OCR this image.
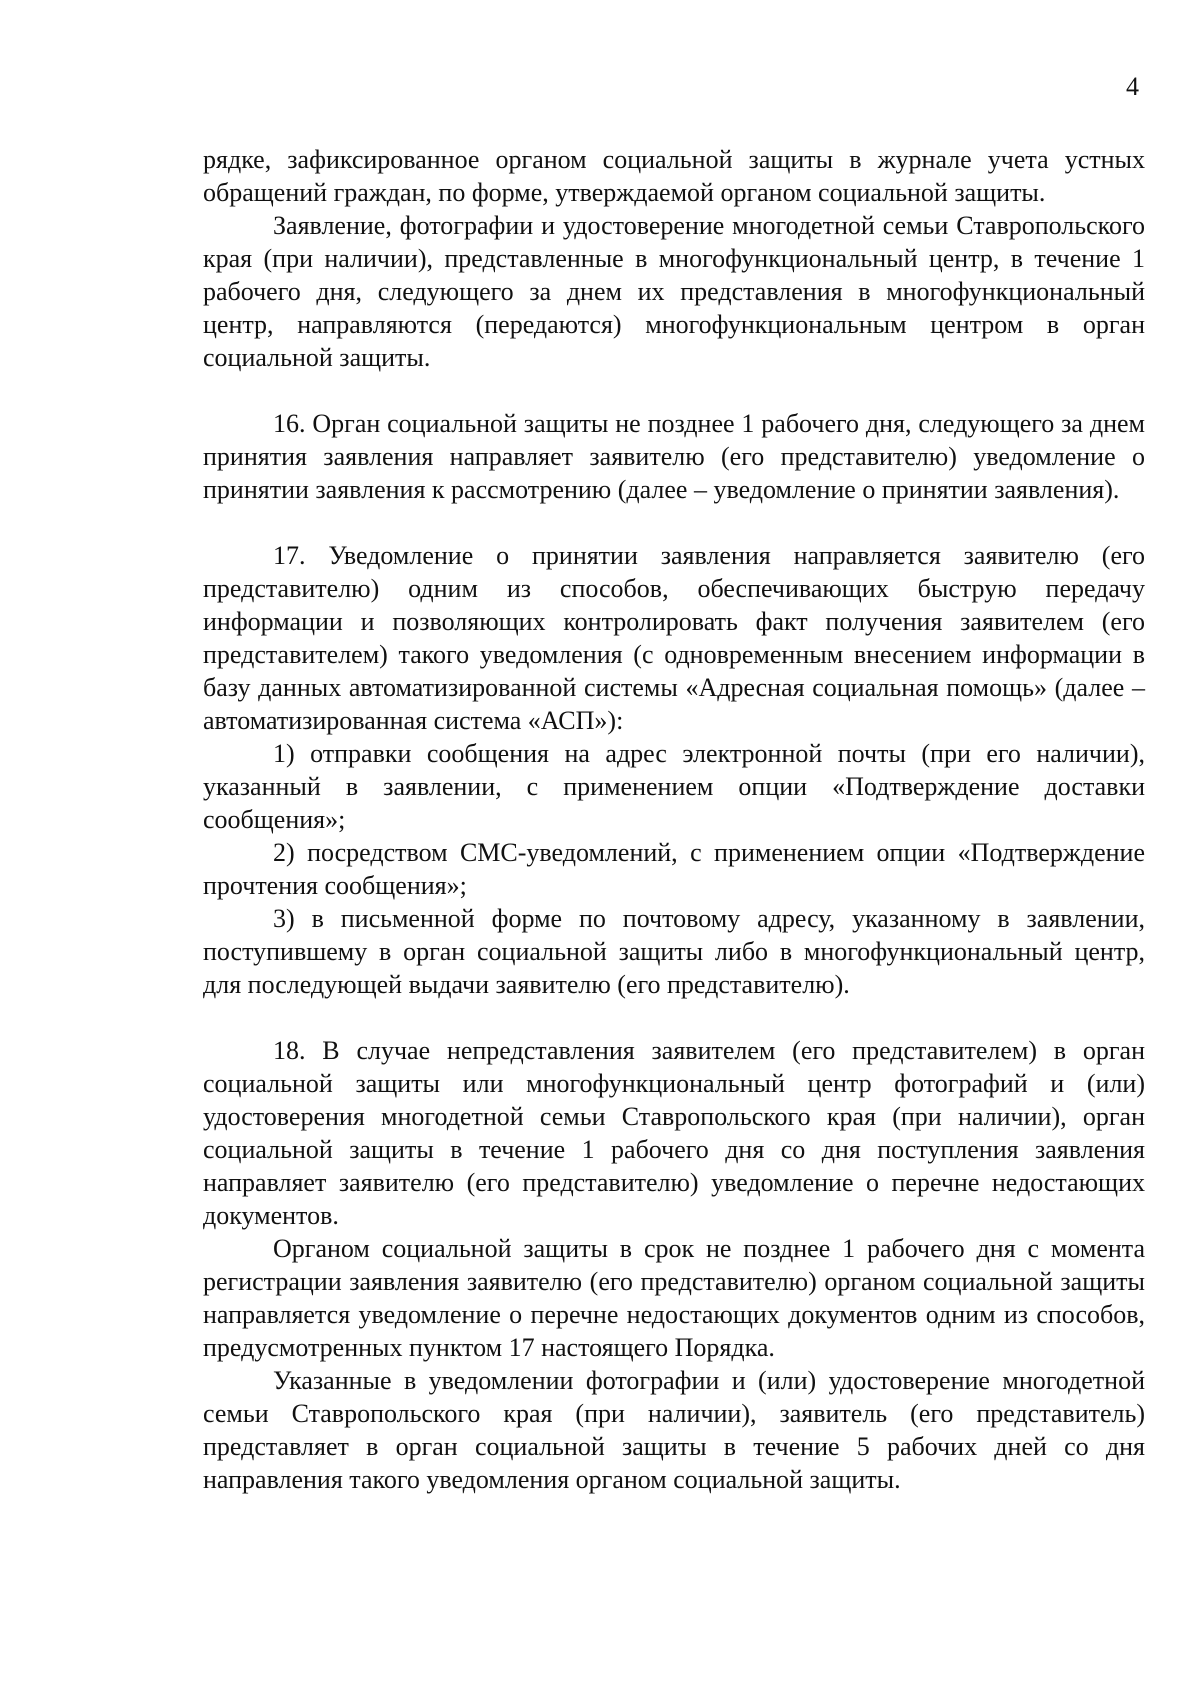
4

рядке, зафиксированное органом социальной защиты в журнале учета устных обращений граждан, по форме, утверждаемой органом социальной защиты.

Заявление, фотографии и удостоверение многодетной семьи Ставропольского края (при наличии), представленные в многофункциональный центр, в течение 1 рабочего дня, следующего за днем их представления в многофункциональный центр, направляются (передаются) многофункциональным центром в орган социальной защиты.

16. Орган социальной защиты не позднее 1 рабочего дня, следующего за днем принятия заявления направляет заявителю (его представителю) уведомление о принятии заявления к рассмотрению (далее – уведомление о принятии заявления).

17. Уведомление о принятии заявления направляется заявителю (его представителю) одним из способов, обеспечивающих быструю передачу информации и позволяющих контролировать факт получения заявителем (его представителем) такого уведомления (с одновременным внесением информации в базу данных автоматизированной системы «Адресная социальная помощь» (далее – автоматизированная система «АСП»):

1) отправки сообщения на адрес электронной почты (при его наличии), указанный в заявлении, с применением опции «Подтверждение доставки сообщения»;

2) посредством СМС-уведомлений, с применением опции «Подтверждение прочтения сообщения»;

3) в письменной форме по почтовому адресу, указанному в заявлении, поступившему в орган социальной защиты либо в многофункциональный центр, для последующей выдачи заявителю (его представителю).

18. В случае непредставления заявителем (его представителем) в орган социальной защиты или многофункциональный центр фотографий и (или) удостоверения многодетной семьи Ставропольского края (при наличии), орган социальной защиты в течение 1 рабочего дня со дня поступления заявления направляет заявителю (его представителю) уведомление о перечне недостающих документов.

Органом социальной защиты в срок не позднее 1 рабочего дня с момента регистрации заявления заявителю (его представителю) органом социальной защиты направляется уведомление о перечне недостающих документов одним из способов, предусмотренных пунктом 17 настоящего Порядка.

Указанные в уведомлении фотографии и (или) удостоверение многодетной семьи Ставропольского края (при наличии), заявитель (его представитель) представляет в орган социальной защиты в течение 5 рабочих дней со дня направления такого уведомления органом социальной защиты.
